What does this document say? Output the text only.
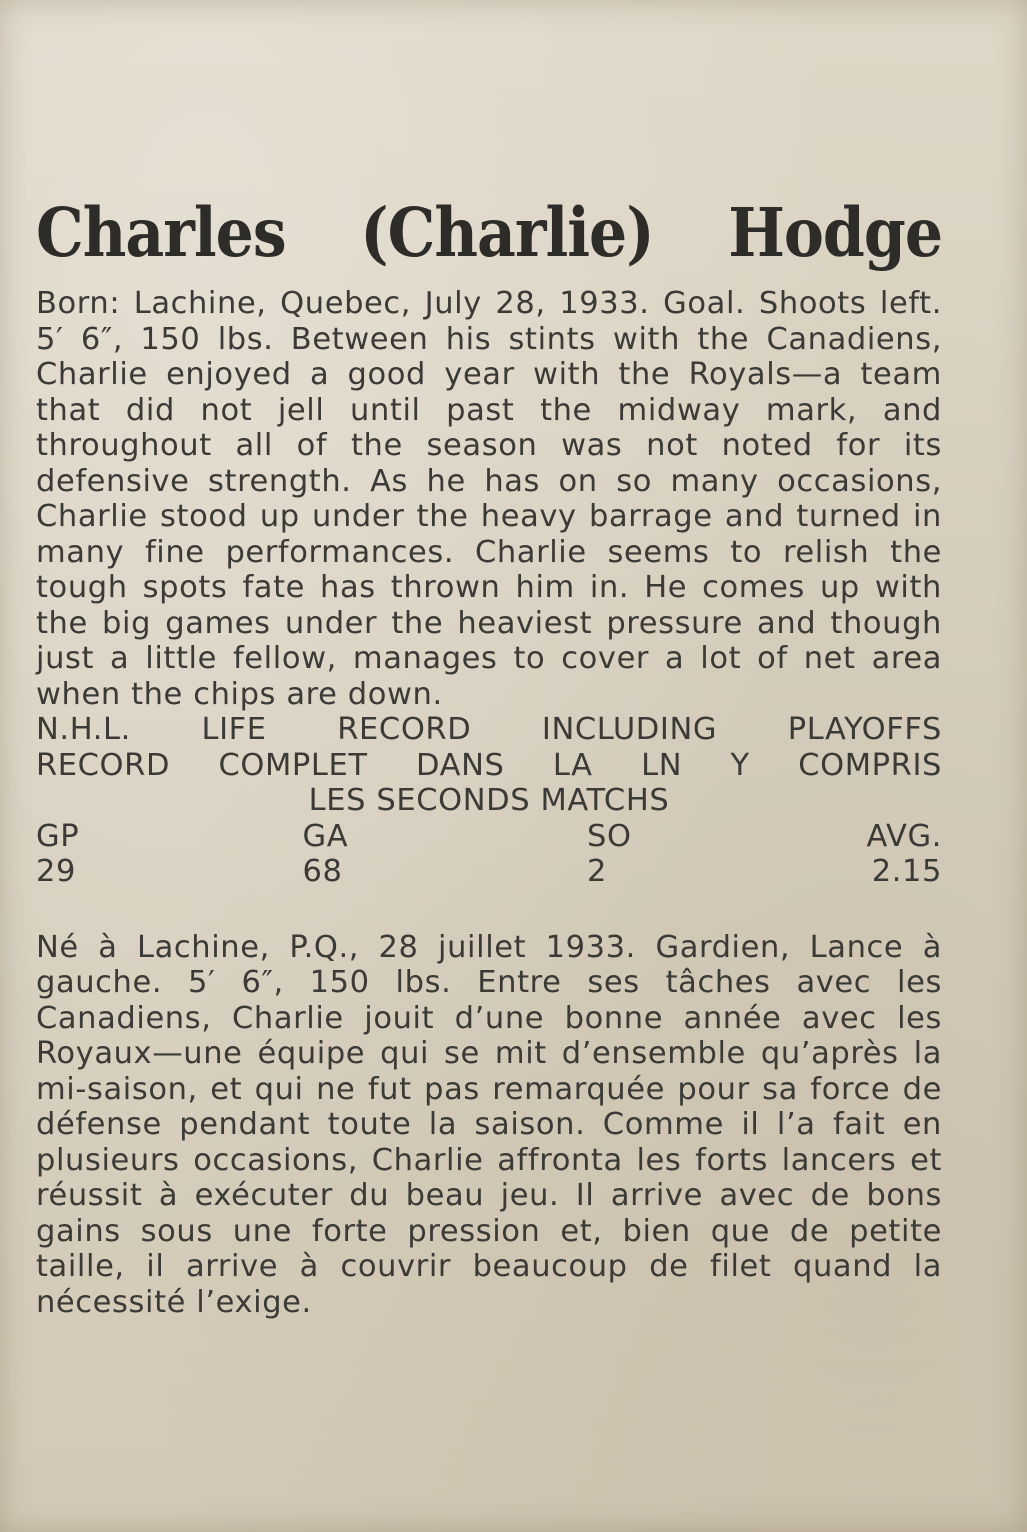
Charles (Charlie) Hodge

Born: Lachine, Quebec, July 28, 1933. Goal. Shoots left. 5′ 6″, 150 lbs. Between his stints with the Canadiens, Charlie enjoyed a good year with the Royals—a team that did not jell until past the midway mark, and throughout all of the season was not noted for its defensive strength. As he has on so many occasions, Charlie stood up under the heavy barrage and turned in many fine performances. Charlie seems to relish the tough spots fate has thrown him in. He comes up with the big games under the heaviest pressure and though just a little fellow, manages to cover a lot of net area when the chips are down.

N.H.L. LIFE RECORD INCLUDING PLAYOFFS
RECORD COMPLET DANS LA LN Y COMPRIS
LES SECONDS MATCHS
GP	GA	SO	AVG.
29	68	2	2.15

Né à Lachine, P.Q., 28 juillet 1933. Gardien, Lance à gauche. 5′ 6″, 150 lbs. Entre ses tâches avec les Canadiens, Charlie jouit d’une bonne année avec les Royaux—une équipe qui se mit d’ensemble qu’après la mi-saison, et qui ne fut pas remarquée pour sa force de défense pendant toute la saison. Comme il l’a fait en plusieurs occasions, Charlie affronta les forts lancers et réussit à exécuter du beau jeu. Il arrive avec de bons gains sous une forte pression et, bien que de petite taille, il arrive à couvrir beaucoup de filet quand la nécessité l’exige.
